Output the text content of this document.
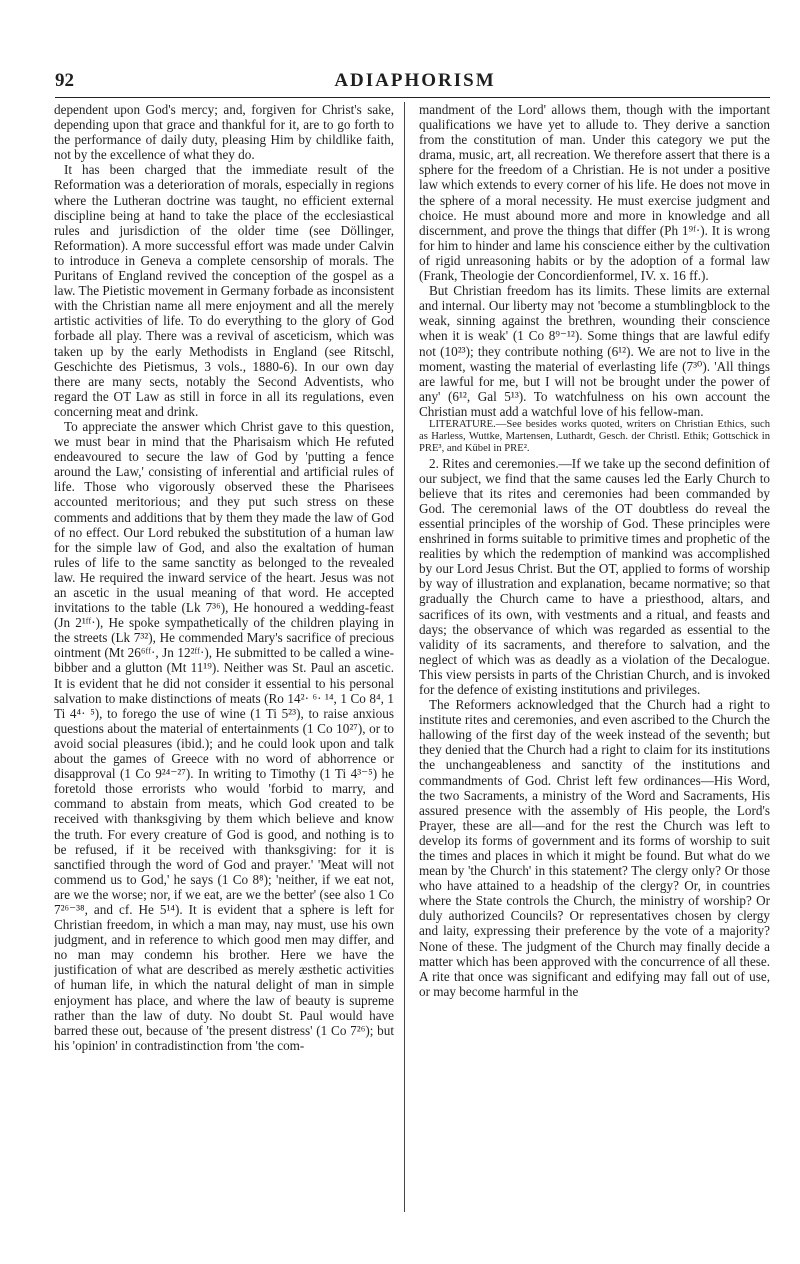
92	ADIAPHORISM

dependent upon God's mercy; and, forgiven for Christ's sake, depending upon that grace and thankful for it, are to go forth to the performance of daily duty, pleasing Him by childlike faith, not by the excellence of what they do.

It has been charged that the immediate result of the Reformation was a deterioration of morals, especially in regions where the Lutheran doctrine was taught, no efficient external discipline being at hand to take the place of the ecclesiastical rules and jurisdiction of the older time (see Döllinger, Reformation). A more successful effort was made under Calvin to introduce in Geneva a complete censorship of morals. The Puritans of England revived the conception of the gospel as a law. The Pietistic movement in Germany forbade as inconsistent with the Christian name all mere enjoyment and all the merely artistic activities of life. To do everything to the glory of God forbade all play. There was a revival of asceticism, which was taken up by the early Methodists in England (see Ritschl, Geschichte des Pietismus, 3 vols., 1880-6). In our own day there are many sects, notably the Second Adventists, who regard the OT Law as still in force in all its regulations, even concerning meat and drink.

To appreciate the answer which Christ gave to this question, we must bear in mind that the Pharisaism which He refuted endeavoured to secure the law of God by 'putting a fence around the Law,' consisting of inferential and artificial rules of life. Those who vigorously observed these the Pharisees accounted meritorious; and they put such stress on these comments and additions that by them they made the law of God of no effect. Our Lord rebuked the substitution of a human law for the simple law of God, and also the exaltation of human rules of life to the same sanctity as belonged to the revealed law. He required the inward service of the heart. Jesus was not an ascetic in the usual meaning of that word. He accepted invitations to the table (Lk 7³⁶), He honoured a wedding-feast (Jn 2¹ᶠᶠ·), He spoke sympathetically of the children playing in the streets (Lk 7³²), He commended Mary's sacrifice of precious ointment (Mt 26⁶ᶠᶠ·, Jn 12²ᶠᶠ·), He submitted to be called a wine-bibber and a glutton (Mt 11¹⁹). Neither was St. Paul an ascetic. It is evident that he did not consider it essential to his personal salvation to make distinctions of meats (Ro 14²· ⁶· ¹⁴, 1 Co 8⁴, 1 Ti 4⁴· ⁵), to forego the use of wine (1 Ti 5²³), to raise anxious questions about the material of entertainments (1 Co 10²⁷), or to avoid social pleasures (ibid.); and he could look upon and talk about the games of Greece with no word of abhorrence or disapproval (1 Co 9²⁴⁻²⁷). In writing to Timothy (1 Ti 4³⁻⁵) he foretold those errorists who would 'forbid to marry, and command to abstain from meats, which God created to be received with thanksgiving by them which believe and know the truth. For every creature of God is good, and nothing is to be refused, if it be received with thanksgiving: for it is sanctified through the word of God and prayer.' 'Meat will not commend us to God,' he says (1 Co 8⁸); 'neither, if we eat not, are we the worse; nor, if we eat, are we the better' (see also 1 Co 7²⁶⁻³⁸, and cf. He 5¹⁴). It is evident that a sphere is left for Christian freedom, in which a man may, nay must, use his own judgment, and in reference to which good men may differ, and no man may condemn his brother. Here we have the justification of what are described as merely æsthetic activities of human life, in which the natural delight of man in simple enjoyment has place, and where the law of beauty is supreme rather than the law of duty. No doubt St. Paul would have barred these out, because of 'the present distress' (1 Co 7²⁶); but his 'opinion' in contradistinction from 'the com-

mandment of the Lord' allows them, though with the important qualifications we have yet to allude to. They derive a sanction from the constitution of man. Under this category we put the drama, music, art, all recreation. We therefore assert that there is a sphere for the freedom of a Christian. He is not under a positive law which extends to every corner of his life. He does not move in the sphere of a moral necessity. He must exercise judgment and choice. He must abound more and more in knowledge and all discernment, and prove the things that differ (Ph 1⁹ᶠ·). It is wrong for him to hinder and lame his conscience either by the cultivation of rigid unreasoning habits or by the adoption of a formal law (Frank, Theologie der Concordienformel, IV. x. 16 ff.).

But Christian freedom has its limits. These limits are external and internal. Our liberty may not 'become a stumblingblock to the weak, sinning against the brethren, wounding their conscience when it is weak' (1 Co 8⁹⁻¹²). Some things that are lawful edify not (10²³); they contribute nothing (6¹²). We are not to live in the moment, wasting the material of everlasting life (7³⁰). 'All things are lawful for me, but I will not be brought under the power of any' (6¹², Gal 5¹³). To watchfulness on his own account the Christian must add a watchful love of his fellow-man.

LITERATURE.—See besides works quoted, writers on Christian Ethics, such as Harless, Wuttke, Martensen, Luthardt, Gesch. der Christl. Ethik; Gottschick in PRE³, and Kübel in PRE².

2. Rites and ceremonies.—If we take up the second definition of our subject, we find that the same causes led the Early Church to believe that its rites and ceremonies had been commanded by God. The ceremonial laws of the OT doubtless do reveal the essential principles of the worship of God. These principles were enshrined in forms suitable to primitive times and prophetic of the realities by which the redemption of mankind was accomplished by our Lord Jesus Christ. But the OT, applied to forms of worship by way of illustration and explanation, became normative; so that gradually the Church came to have a priesthood, altars, and sacrifices of its own, with vestments and a ritual, and feasts and days; the observance of which was regarded as essential to the validity of its sacraments, and therefore to salvation, and the neglect of which was as deadly as a violation of the Decalogue. This view persists in parts of the Christian Church, and is invoked for the defence of existing institutions and privileges.

The Reformers acknowledged that the Church had a right to institute rites and ceremonies, and even ascribed to the Church the hallowing of the first day of the week instead of the seventh; but they denied that the Church had a right to claim for its institutions the unchangeableness and sanctity of the institutions and commandments of God. Christ left few ordinances—His Word, the two Sacraments, a ministry of the Word and Sacraments, His assured presence with the assembly of His people, the Lord's Prayer, these are all—and for the rest the Church was left to develop its forms of government and its forms of worship to suit the times and places in which it might be found. But what do we mean by 'the Church' in this statement? The clergy only? Or those who have attained to a headship of the clergy? Or, in countries where the State controls the Church, the ministry of worship? Or duly authorized Councils? Or representatives chosen by clergy and laity, expressing their preference by the vote of a majority? None of these. The judgment of the Church may finally decide a matter which has been approved with the concurrence of all these. A rite that once was significant and edifying may fall out of use, or may become harmful in the
